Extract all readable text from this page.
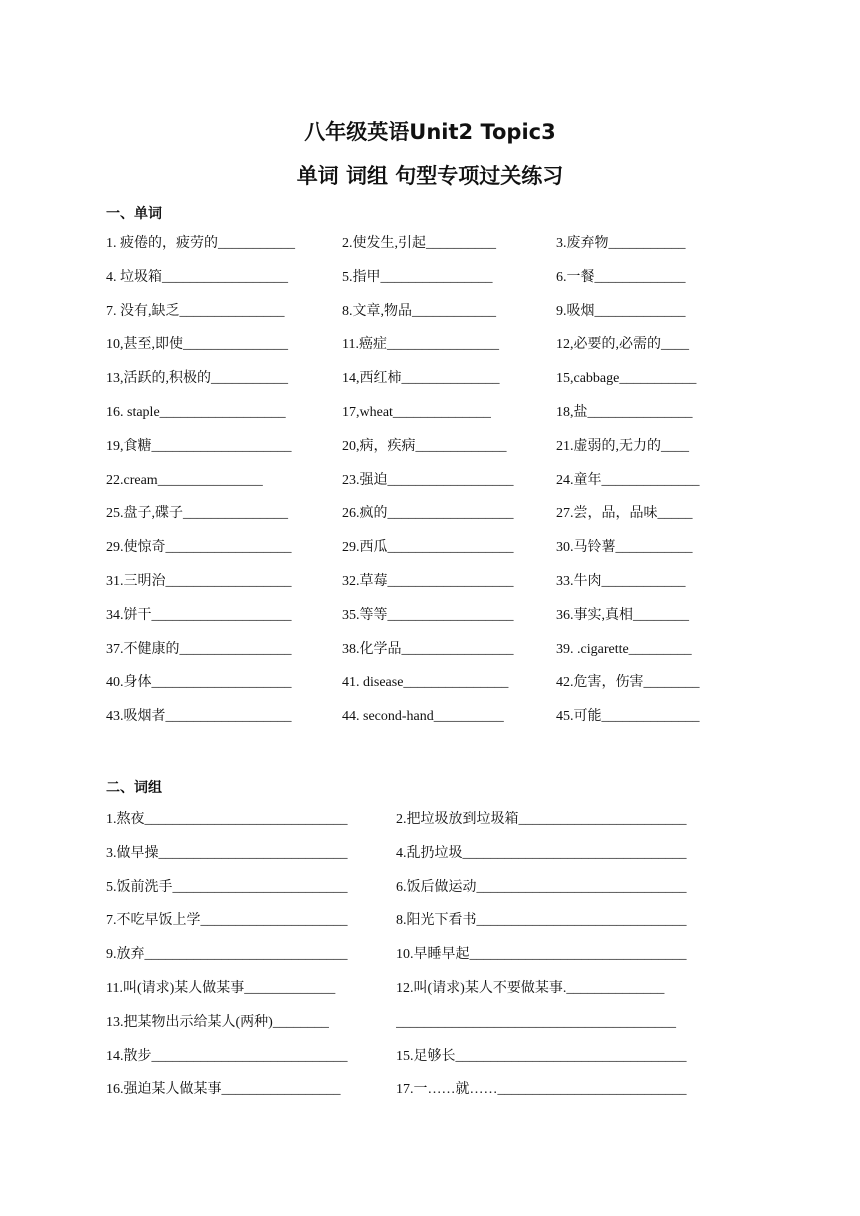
八年级英语Unit2 Topic3
单词 词组 句型专项过关练习
一、单词
1. 疲倦的，疲劳的___________	2.使发生,引起__________	3.废弃物___________
4. 垃圾箱__________________	5.指甲________________	6.一餐_____________
7. 没有,缺乏_______________	8.文章,物品____________	9.吸烟_____________
10,甚至,即使_______________	11.癌症________________	12,必要的,必需的____
13,活跃的,积极的___________	14,西红柿______________	15,cabbage___________
16. staple__________________	17,wheat______________	18,盐_______________
19,食糖____________________	20,病，疾病_____________	21.虚弱的,无力的____
22.cream_______________	23.强迫__________________	24.童年______________
25.盘子,碟子_______________	26.疯的__________________	27.尝，品，品味_____
29.使惊奇__________________	29.西瓜__________________	30.马铃薯___________
31.三明治__________________	32.草莓__________________	33.牛肉____________
34.饼干____________________	35.等等__________________	36.事实,真相________
37.不健康的________________	38.化学品________________	39. .cigarette_________
40.身体____________________	41. disease_______________	42.危害，伤害________
43.吸烟者__________________	44. second-hand__________	45.可能______________
二、词组
1.熬夜_____________________________	2.把垃圾放到垃圾箱________________________
3.做早操___________________________	4.乱扔垃圾________________________________
5.饭前洗手_________________________	6.饭后做运动______________________________
7.不吃早饭上学_____________________	8.阳光下看书______________________________
9.放弃_____________________________	10.早睡早起_______________________________
11.叫(请求)某人做某事_____________	12.叫(请求)某人不要做某事.______________
13.把某物出示给某人(两种)________	________________________________________
14.散步____________________________	15.足够长_________________________________
16.强迫某人做某事_________________	17.一……就……___________________________
